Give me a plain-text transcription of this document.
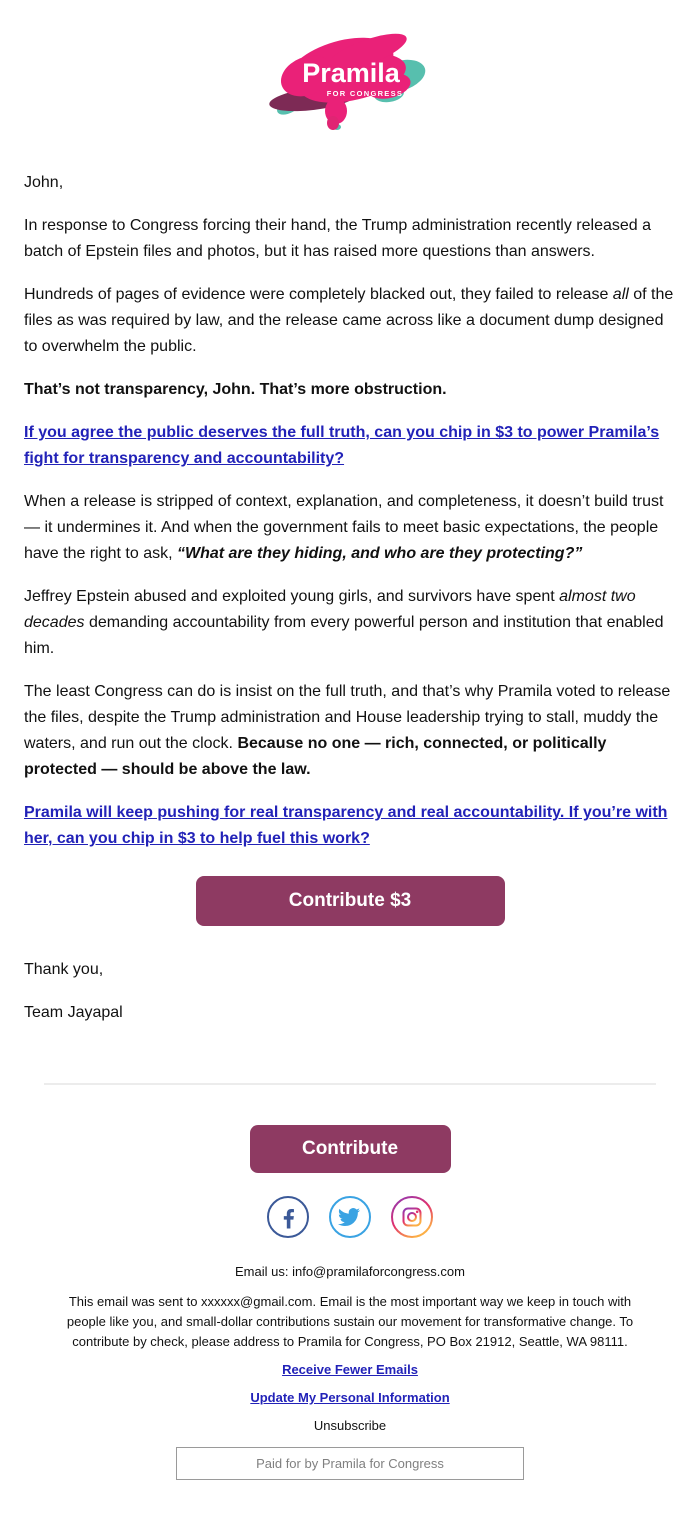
Pramila
FOR CONGRESS

John,

In response to Congress forcing their hand, the Trump administration recently released a batch of Epstein files and photos, but it has raised more questions than answers.

Hundreds of pages of evidence were completely blacked out, they failed to release all of the files as was required by law, and the release came across like a document dump designed to overwhelm the public.

That’s not transparency, John. That’s more obstruction.

If you agree the public deserves the full truth, can you chip in $3 to power Pramila’s fight for transparency and accountability?

When a release is stripped of context, explanation, and completeness, it doesn’t build trust — it undermines it. And when the government fails to meet basic expectations, the people have the right to ask, “What are they hiding, and who are they protecting?”

Jeffrey Epstein abused and exploited young girls, and survivors have spent almost two decades demanding accountability from every powerful person and institution that enabled him.

The least Congress can do is insist on the full truth, and that’s why Pramila voted to release the files, despite the Trump administration and House leadership trying to stall, muddy the waters, and run out the clock. Because no one — rich, connected, or politically protected — should be above the law.

Pramila will keep pushing for real transparency and real accountability. If you’re with her, can you chip in $3 to help fuel this work?

Contribute $3

Thank you,

Team Jayapal

Contribute

Email us: info@pramilaforcongress.com
This email was sent to xxxxxx@gmail.com. Email is the most important way we keep in touch with people like you, and small-dollar contributions sustain our movement for transformative change. To contribute by check, please address to Pramila for Congress, PO Box 21912, Seattle, WA 98111.
Receive Fewer Emails
Update My Personal Information
Unsubscribe
Paid for by Pramila for Congress
